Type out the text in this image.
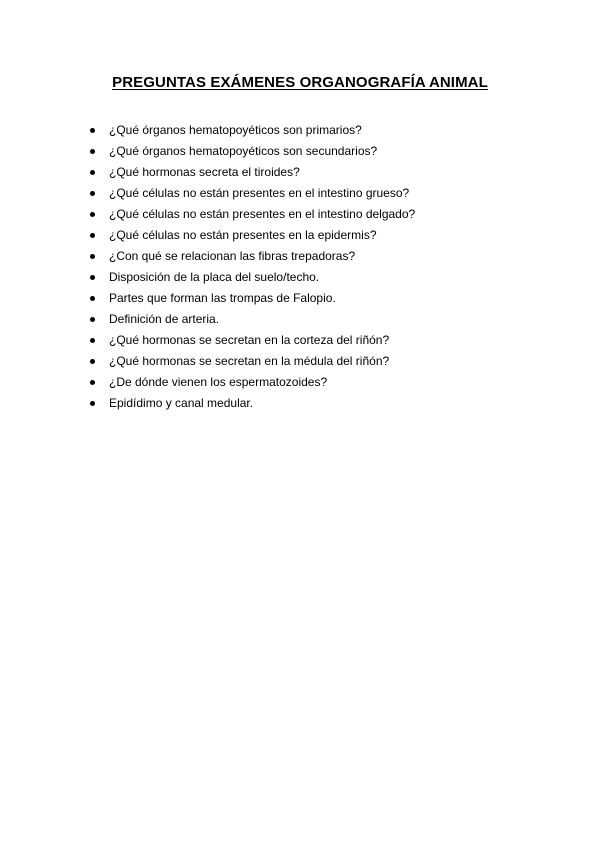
PREGUNTAS EXÁMENES ORGANOGRAFÍA ANIMAL
¿Qué órganos hematopoyéticos son primarios?
¿Qué órganos hematopoyéticos son secundarios?
¿Qué hormonas secreta el tiroides?
¿Qué células no están presentes en el intestino grueso?
¿Qué células no están presentes en el intestino delgado?
¿Qué células no están presentes en la epidermis?
¿Con qué se relacionan las fibras trepadoras?
Disposición de la placa del suelo/techo.
Partes que forman las trompas de Falopio.
Definición de arteria.
¿Qué hormonas se secretan en la corteza del riñón?
¿Qué hormonas se secretan en la médula del riñón?
¿De dónde vienen los espermatozoides?
Epidídimo y canal medular.
